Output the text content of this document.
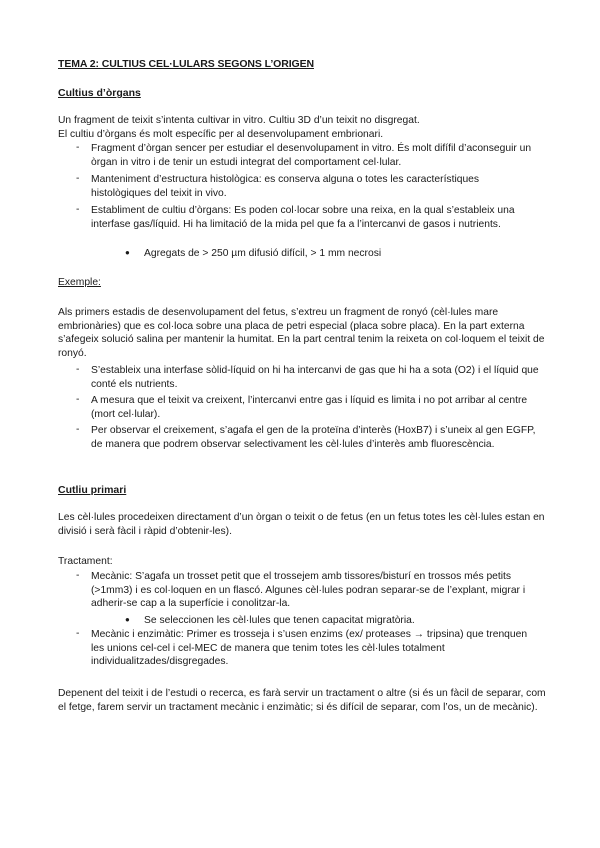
TEMA 2: CULTIUS CEL·LULARS SEGONS L’ORIGEN
Cultius d’òrgans
Un fragment de teixit s’intenta cultivar in vitro. Cultiu 3D d’un teixit no disgregat.
El cultiu d’òrgans és molt específic per al desenvolupament embrionari.
- Fragment d’òrgan sencer per estudiar el desenvolupament in vitro. És molt difífil d’aconseguir un òrgan in vitro i de tenir un estudi integrat del comportament cel·lular.
- Manteniment d’estructura histològica: es conserva alguna o totes les característiques histològiques del teixit in vivo.
- Establiment de cultiu d’òrgans: Es poden col·locar sobre una reixa, en la qual s’estableix una interfase gas/líquid. Hi ha limitació de la mida pel que fa a l’intercanvi de gasos i nutrients.
● Agregats de > 250 µm difusió difícil, > 1 mm necrosi
Exemple:
Als primers estadis de desenvolupament del fetus, s’extreu un fragment de ronyó (cèl·lules mare embrionàries) que es col·loca sobre una placa de petri especial (placa sobre placa). En la part externa s’afegeix solució salina per mantenir la humitat. En la part central tenim la reixeta on col·loquem el teixit de ronyó.
- S’estableix una interfase sòlid-líquid on hi ha intercanvi de gas que hi ha a sota (O2) i el líquid que conté els nutrients.
- A mesura que el teixit va creixent, l’intercanvi entre gas i líquid es limita i no pot arribar al centre (mort cel·lular).
- Per observar el creixement, s’agafa el gen de la proteïna d’interès (HoxB7) i s’uneix al gen EGFP, de manera que podrem observar selectivament les cèl·lules d’interès amb fluorescència.
Cutliu primari
Les cèl·lules procedeixen directament d’un òrgan o teixit o de fetus (en un fetus totes les cèl·lules estan en divisió i serà fàcil i ràpid d’obtenir-les).
Tractament:
- Mecànic: S’agafa un trosset petit que el trossejem amb tissores/bisturí en trossos més petits (>1mm3) i es col·loquen en un flascó. Algunes cèl·lules podran separar-se de l’explant, migrar i adherir-se cap a la superfície i conolitzar-la.
● Se seleccionen les cèl·lules que tenen capacitat migratòria.
- Mecànic i enzimàtic: Primer es trosseja i s’usen enzims (ex/ proteases → tripsina) que trenquen les unions cel-cel i cel-MEC de manera que tenim totes les cèl·lules totalment individualitzades/disgregades.
Depenent del teixit i de l’estudi o recerca, es farà servir un tractament o altre (si és un fàcil de separar, com el fetge, farem servir un tractament mecànic i enzimàtic; si és difícil de separar, com l’os, un de mecànic).
